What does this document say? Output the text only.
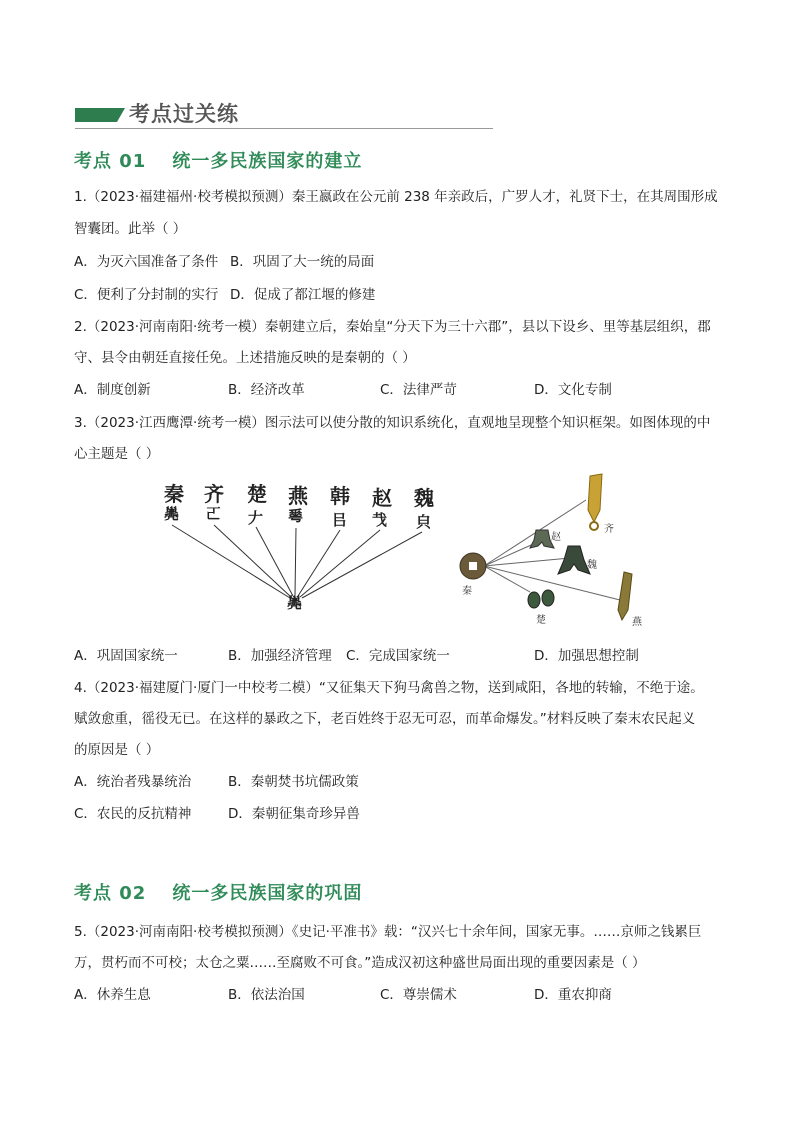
考点过关练
考点 01 统一多民族国家的建立
1.（2023·福建福州·校考模拟预测）秦王嬴政在公元前 238 年亲政后，广罗人才，礼贤下士，在其周围形成
智囊团。此举（ ）
A．为灭六国准备了条件 B．巩固了大一统的局面
C．便利了分封制的实行 D．促成了都江堰的修建
2.（2023·河南南阳·统考一模）秦朝建立后，秦始皇“分天下为三十六郡”，县以下设乡、里等基层组织，郡
守、县令由朝廷直接任免。上述措施反映的是秦朝的（ ）
A．制度创新	B．经济改革	C．法律严苛	D．文化专制
3.（2023·江西鹰潭·统考一模）图示法可以使分散的知识系统化，直观地呈现整个知识框架。如图体现的中
心主题是（ ）
秦 齐 楚 燕 韩 赵 魏
𢀈 𠀀 𠂇 𠌶 㠯 𢦏 㒵
𢀈
秦
赵
齐
魏
楚	燕
A．巩固国家统一	B．加强经济管理 C．完成国家统一	D．加强思想控制
4.（2023·福建厦门·厦门一中校考二模）“又征集天下狗马禽兽之物，送到咸阳，各地的转输，不绝于途。
赋敛愈重，徭役无已。在这样的暴政之下，老百姓终于忍无可忍，而革命爆发。”材料反映了秦末农民起义
的原因是（ ）
A．统治者残暴统治	B．秦朝焚书坑儒政策
C．农民的反抗精神	D．秦朝征集奇珍异兽
考点 02 统一多民族国家的巩固
5.（2023·河南南阳·校考模拟预测）《史记·平准书》载：“汉兴七十余年间，国家无事。……京师之钱累巨
万，贯朽而不可校；太仓之粟……至腐败不可食。”造成汉初这种盛世局面出现的重要因素是（ ）
A．休养生息	B．依法治国	C．尊崇儒术	D．重农抑商
